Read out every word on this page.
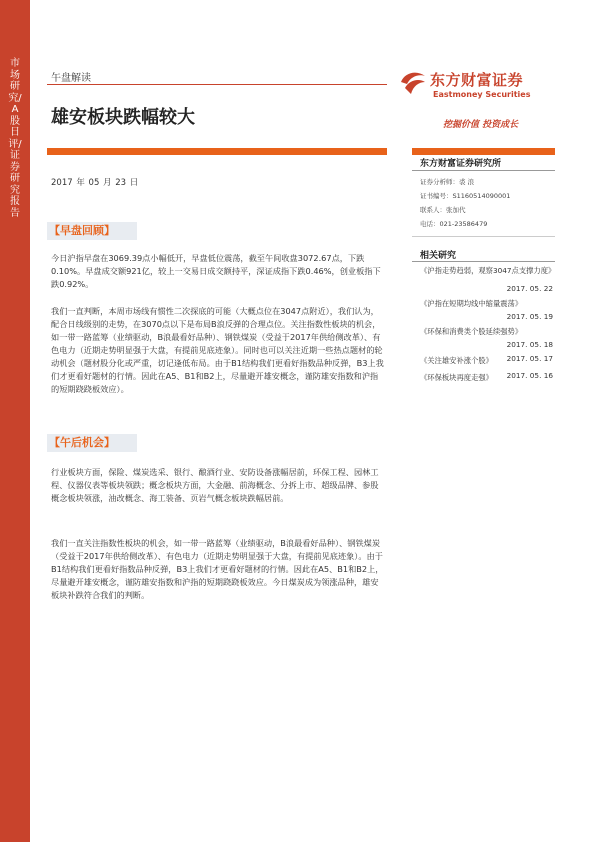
市场研究/A股日评/证券研究报告
午盘解读	东方财富证券
Eastmoney Securities
挖掘价值 投资成长
雄安板块跌幅较大
2017 年 05 月 23 日
【早盘回顾】
今日沪指早盘在3069.39点小幅低开，早盘低位震荡，截至午间收盘3072.67点，下跌0.10%。早盘成交额921亿，较上一交易日成交额持平，深证成指下跌0.46%，创业板指下跌0.92%。
我们一直判断，本周市场线有惯性二次探底的可能（大概点位在3047点附近），我们认为，配合日线级别的走势，在3070点以下是布局B浪反弹的合理点位。关注指数性板块的机会，如一带一路蓝筹（业绩驱动，B浪最看好品种）、钢铁煤炭（受益于2017年供给侧改革）、有色电力（近期走势明显强于大盘，有提前见底迹象）。同时也可以关注近期一些热点题材的轮动机会（题材股分化或严重，切记逢低布局。由于B1结构我们更看好指数品种反弹，B3上我们才更看好题材的行情。因此在A5、B1和B2上，尽量避开雄安概念，谨防雄安指数和沪指的短期跷跷板效应）。
【午后机会】
行业板块方面，保险、煤炭选采、银行、酿酒行业、安防设备涨幅居前，环保工程、园林工程、仪器仪表等板块领跌；概念板块方面，大金融、前海概念、分拆上市、超级品牌、参股概念板块领涨，油改概念、海工装备、页岩气概念板块跌幅居前。
我们一直关注指数性板块的机会，如一带一路蓝筹（业绩驱动，B浪最看好品种）、钢铁煤炭（受益于2017年供给侧改革）、有色电力（近期走势明显强于大盘，有提前见底迹象）。由于B1结构我们更看好指数品种反弹，B3上我们才更看好题材的行情。因此在A5、B1和B2上，尽量避开雄安概念，谨防雄安指数和沪指的短期跷跷板效应。今日煤炭成为领涨品种，雄安板块补跌符合我们的判断。
东方财富证券研究所
证券分析师：裘 浪
证书编号：S1160514090001
联系人：张加代
电话：021-23586479
相关研究
《沪指走势趋弱，观察3047点支撑力度》
2017. 05. 22
《沪指在短期均线中缩量震荡》
2017. 05. 19
《环保和消费类个股延续强势》
2017. 05. 18
《关注雄安补涨个股》 2017. 05. 17
《环保板块再度走强》 2017. 05. 16
